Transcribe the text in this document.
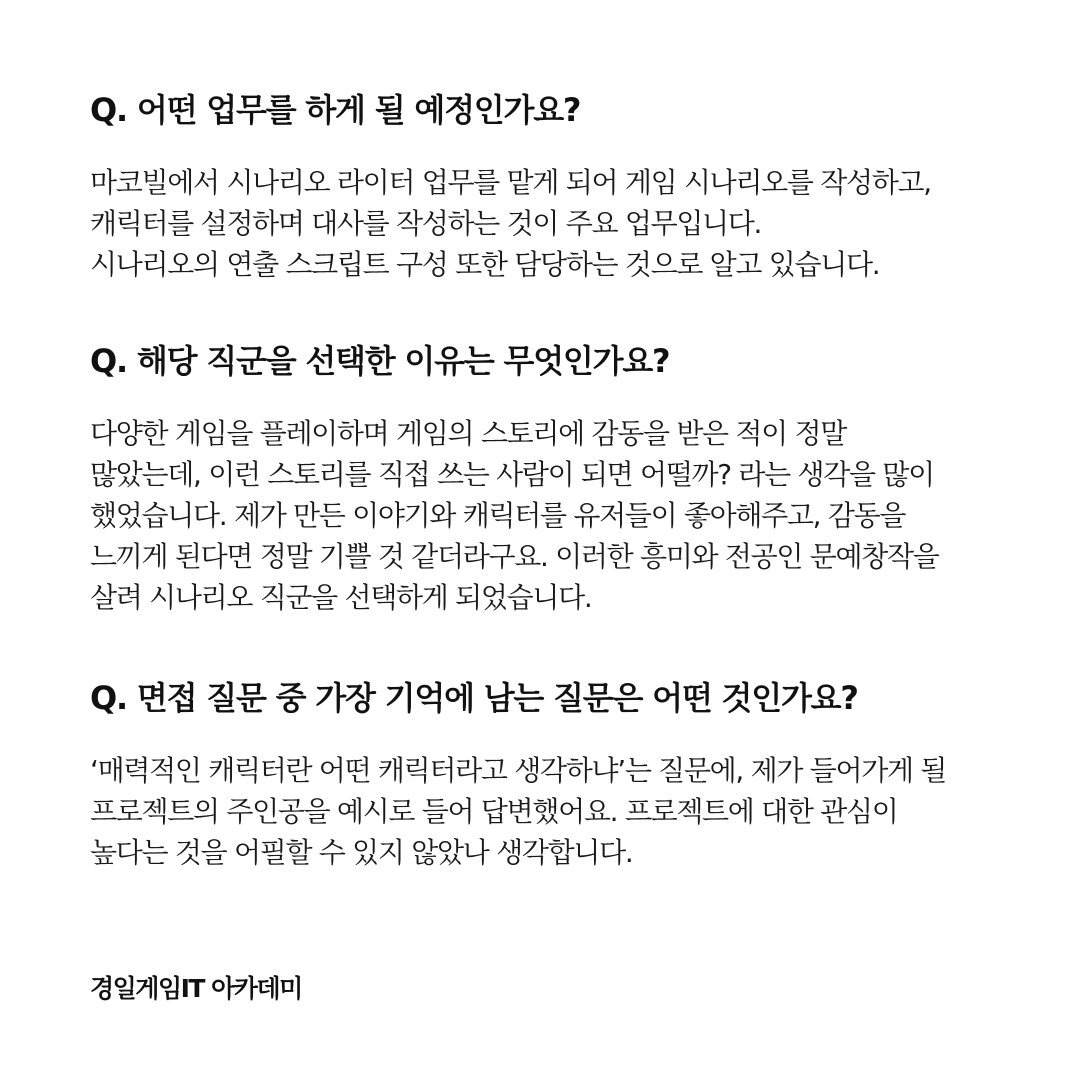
Q. 어떤 업무를 하게 될 예정인가요?

마코빌에서 시나리오 라이터 업무를 맡게 되어 게임 시나리오를 작성하고,
캐릭터를 설정하며 대사를 작성하는 것이 주요 업무입니다.
시나리오의 연출 스크립트 구성 또한 담당하는 것으로 알고 있습니다.

Q. 해당 직군을 선택한 이유는 무엇인가요?

다양한 게임을 플레이하며 게임의 스토리에 감동을 받은 적이 정말
많았는데, 이런 스토리를 직접 쓰는 사람이 되면 어떨까? 라는 생각을 많이
했었습니다. 제가 만든 이야기와 캐릭터를 유저들이 좋아해주고, 감동을
느끼게 된다면 정말 기쁠 것 같더라구요. 이러한 흥미와 전공인 문예창작을
살려 시나리오 직군을 선택하게 되었습니다.

Q. 면접 질문 중 가장 기억에 남는 질문은 어떤 것인가요?

‘매력적인 캐릭터란 어떤 캐릭터라고 생각하냐’는 질문에, 제가 들어가게 될
프로젝트의 주인공을 예시로 들어 답변했어요. 프로젝트에 대한 관심이
높다는 것을 어필할 수 있지 않았나 생각합니다.

경일게임IT 아카데미
